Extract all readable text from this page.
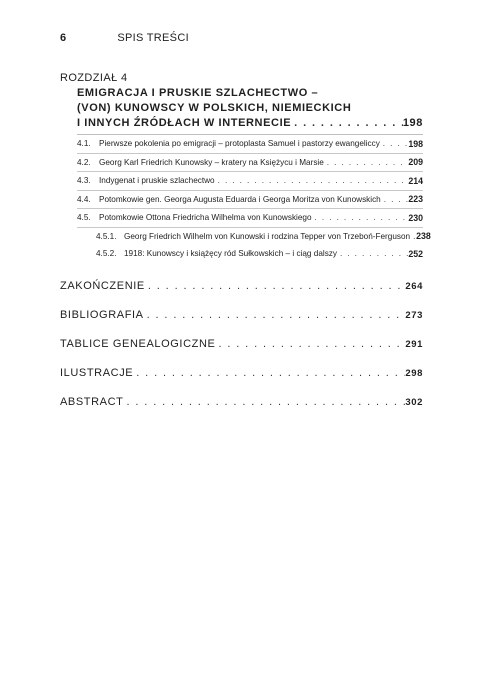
6	SPIS TREŚCI
ROZDZIAŁ 4
EMIGRACJA I PRUSKIE SZLACHECTWO –
(VON) KUNOWSCY W POLSKICH, NIEMIECKICH
I INNYCH ŹRÓDŁACH W INTERNECIE . . .	198
4.1. Pierwsze pokolenia po emigracji – protoplasta Samuel i pastorzy ewangeliccy . . .	198
4.2. Georg Karl Friedrich Kunowsky – kratery na Księżycu i Marsie . . .	209
4.3. Indygenat i pruskie szlachectwo . . .	214
4.4. Potomkowie gen. Georga Augusta Eduarda i Georga Moritza von Kunowskich . . .	223
4.5. Potomkowie Ottona Friedricha Wilhelma von Kunowskiego . . .	230
4.5.1. Georg Friedrich Wilhelm von Kunowski i rodzina Tepper von Trzeboń-Ferguson . . . 238
4.5.2. 1918: Kunowscy i książęcy ród Sułkowskich – i ciąg dalszy . . .	252
ZAKOŃCZENIE . . .	264
BIBLIOGRAFIA . . .	273
TABLICE GENEALOGICZNE . . .	291
ILUSTRACJE . . .	298
ABSTRACT . . .	302
